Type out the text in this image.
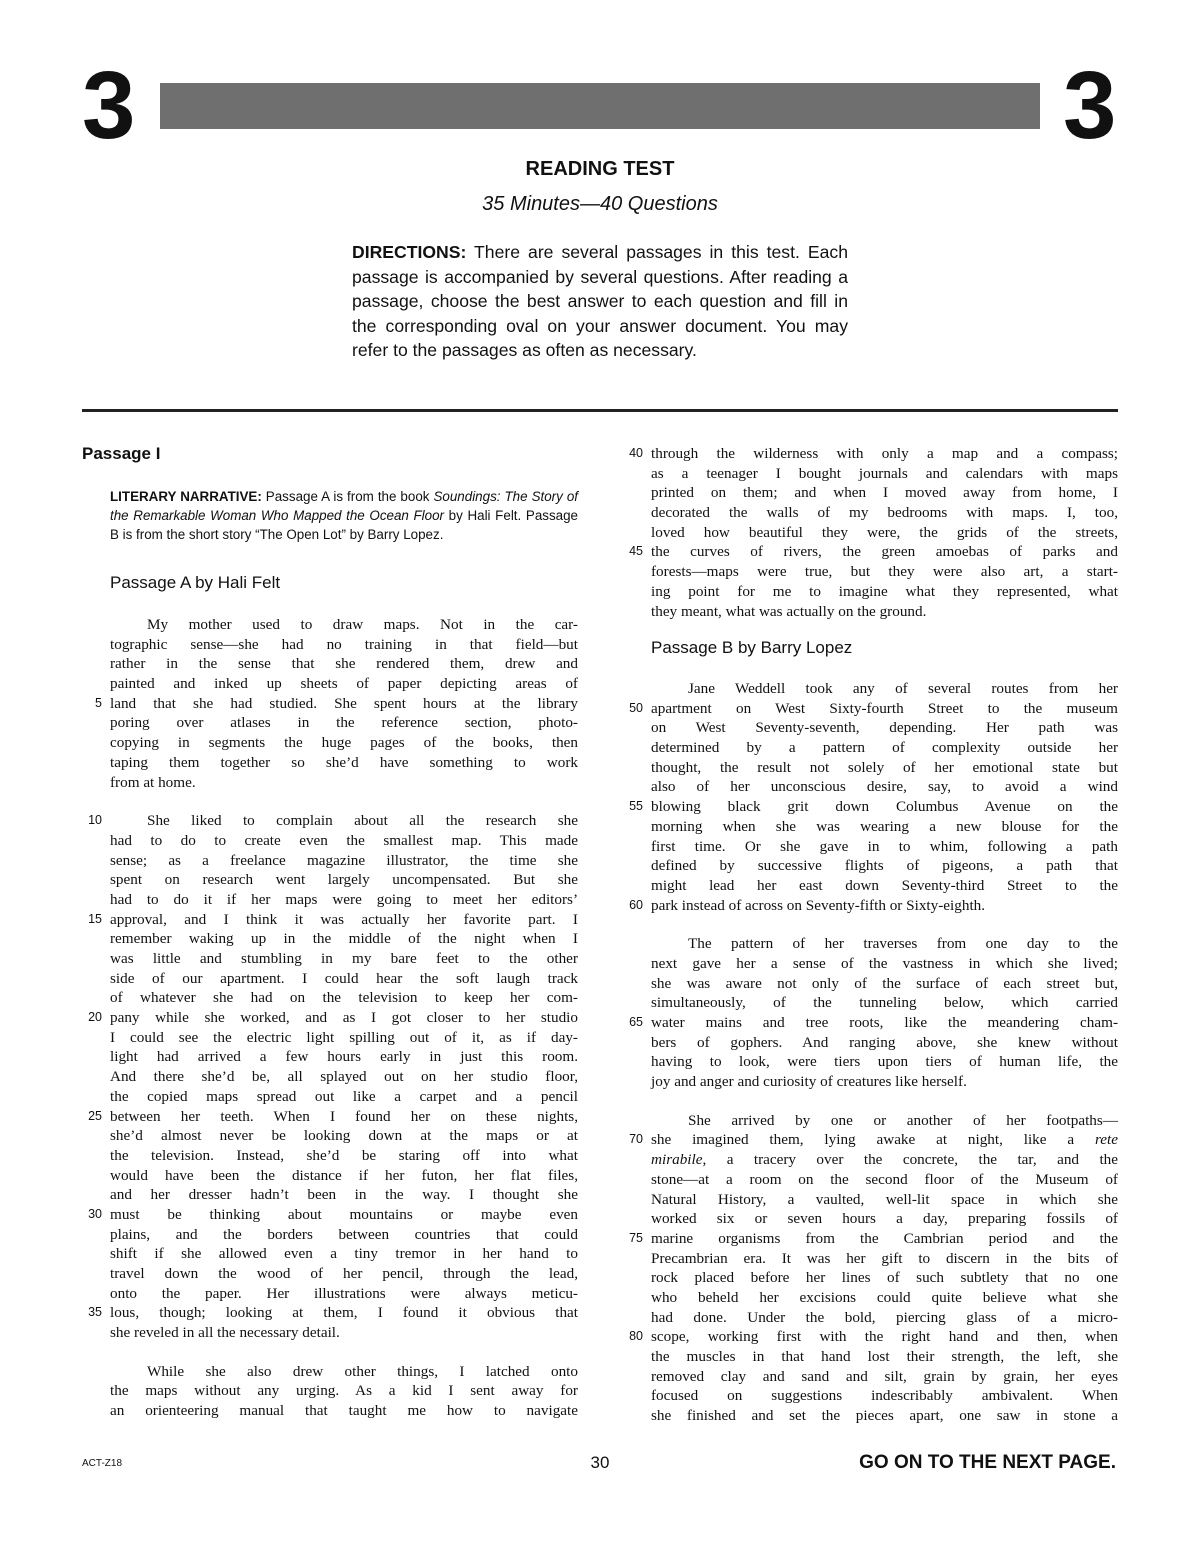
3	3
READING TEST
35 Minutes—40 Questions
DIRECTIONS: There are several passages in this test. Each passage is accompanied by several questions. After reading a passage, choose the best answer to each question and fill in the corresponding oval on your answer document. You may refer to the passages as often as necessary.
Passage I
LITERARY NARRATIVE: Passage A is from the book Soundings: The Story of the Remarkable Woman Who Mapped the Ocean Floor by Hali Felt. Passage B is from the short story “The Open Lot” by Barry Lopez.
Passage A by Hali Felt
My mother used to draw maps. Not in the car-
tographic sense—she had no training in that field—but
rather in the sense that she rendered them, drew and
painted and inked up sheets of paper depicting areas of
5 land that she had studied. She spent hours at the library
poring over atlases in the reference section, photo-
copying in segments the huge pages of the books, then
taping them together so she’d have something to work
from at home.
10	She liked to complain about all the research she
had to do to create even the smallest map. This made
sense; as a freelance magazine illustrator, the time she
spent on research went largely uncompensated. But she
had to do it if her maps were going to meet her editors’
15 approval, and I think it was actually her favorite part. I
remember waking up in the middle of the night when I
was little and stumbling in my bare feet to the other
side of our apartment. I could hear the soft laugh track
of whatever she had on the television to keep her com-
20 pany while she worked, and as I got closer to her studio
I could see the electric light spilling out of it, as if day-
light had arrived a few hours early in just this room.
And there she’d be, all splayed out on her studio floor,
the copied maps spread out like a carpet and a pencil
25 between her teeth. When I found her on these nights,
she’d almost never be looking down at the maps or at
the television. Instead, she’d be staring off into what
would have been the distance if her futon, her flat files,
and her dresser hadn’t been in the way. I thought she
30 must be thinking about mountains or maybe even
plains, and the borders between countries that could
shift if she allowed even a tiny tremor in her hand to
travel down the wood of her pencil, through the lead,
onto the paper. Her illustrations were always meticu-
35 lous, though; looking at them, I found it obvious that
she reveled in all the necessary detail.
While she also drew other things, I latched onto
the maps without any urging. As a kid I sent away for
an orienteering manual that taught me how to navigate
40 through the wilderness with only a map and a compass;
as a teenager I bought journals and calendars with maps
printed on them; and when I moved away from home, I
decorated the walls of my bedrooms with maps. I, too,
loved how beautiful they were, the grids of the streets,
45 the curves of rivers, the green amoebas of parks and
forests—maps were true, but they were also art, a start-
ing point for me to imagine what they represented, what
they meant, what was actually on the ground.
Passage B by Barry Lopez
Jane Weddell took any of several routes from her
50 apartment on West Sixty-fourth Street to the museum
on West Seventy-seventh, depending. Her path was
determined by a pattern of complexity outside her
thought, the result not solely of her emotional state but
also of her unconscious desire, say, to avoid a wind
55 blowing black grit down Columbus Avenue on the
morning when she was wearing a new blouse for the
first time. Or she gave in to whim, following a path
defined by successive flights of pigeons, a path that
might lead her east down Seventy-third Street to the
60 park instead of across on Seventy-fifth or Sixty-eighth.
The pattern of her traverses from one day to the
next gave her a sense of the vastness in which she lived;
she was aware not only of the surface of each street but,
simultaneously, of the tunneling below, which carried
65 water mains and tree roots, like the meandering cham-
bers of gophers. And ranging above, she knew without
having to look, were tiers upon tiers of human life, the
joy and anger and curiosity of creatures like herself.
She arrived by one or another of her footpaths—
70 she imagined them, lying awake at night, like a rete
mirabile, a tracery over the concrete, the tar, and the
stone—at a room on the second floor of the Museum of
Natural History, a vaulted, well-lit space in which she
worked six or seven hours a day, preparing fossils of
75 marine organisms from the Cambrian period and the
Precambrian era. It was her gift to discern in the bits of
rock placed before her lines of such subtlety that no one
who beheld her excisions could quite believe what she
had done. Under the bold, piercing glass of a micro-
80 scope, working first with the right hand and then, when
the muscles in that hand lost their strength, the left, she
removed clay and sand and silt, grain by grain, her eyes
focused on suggestions indescribably ambivalent. When
she finished and set the pieces apart, one saw in stone a
ACT-Z18	30	GO ON TO THE NEXT PAGE.
